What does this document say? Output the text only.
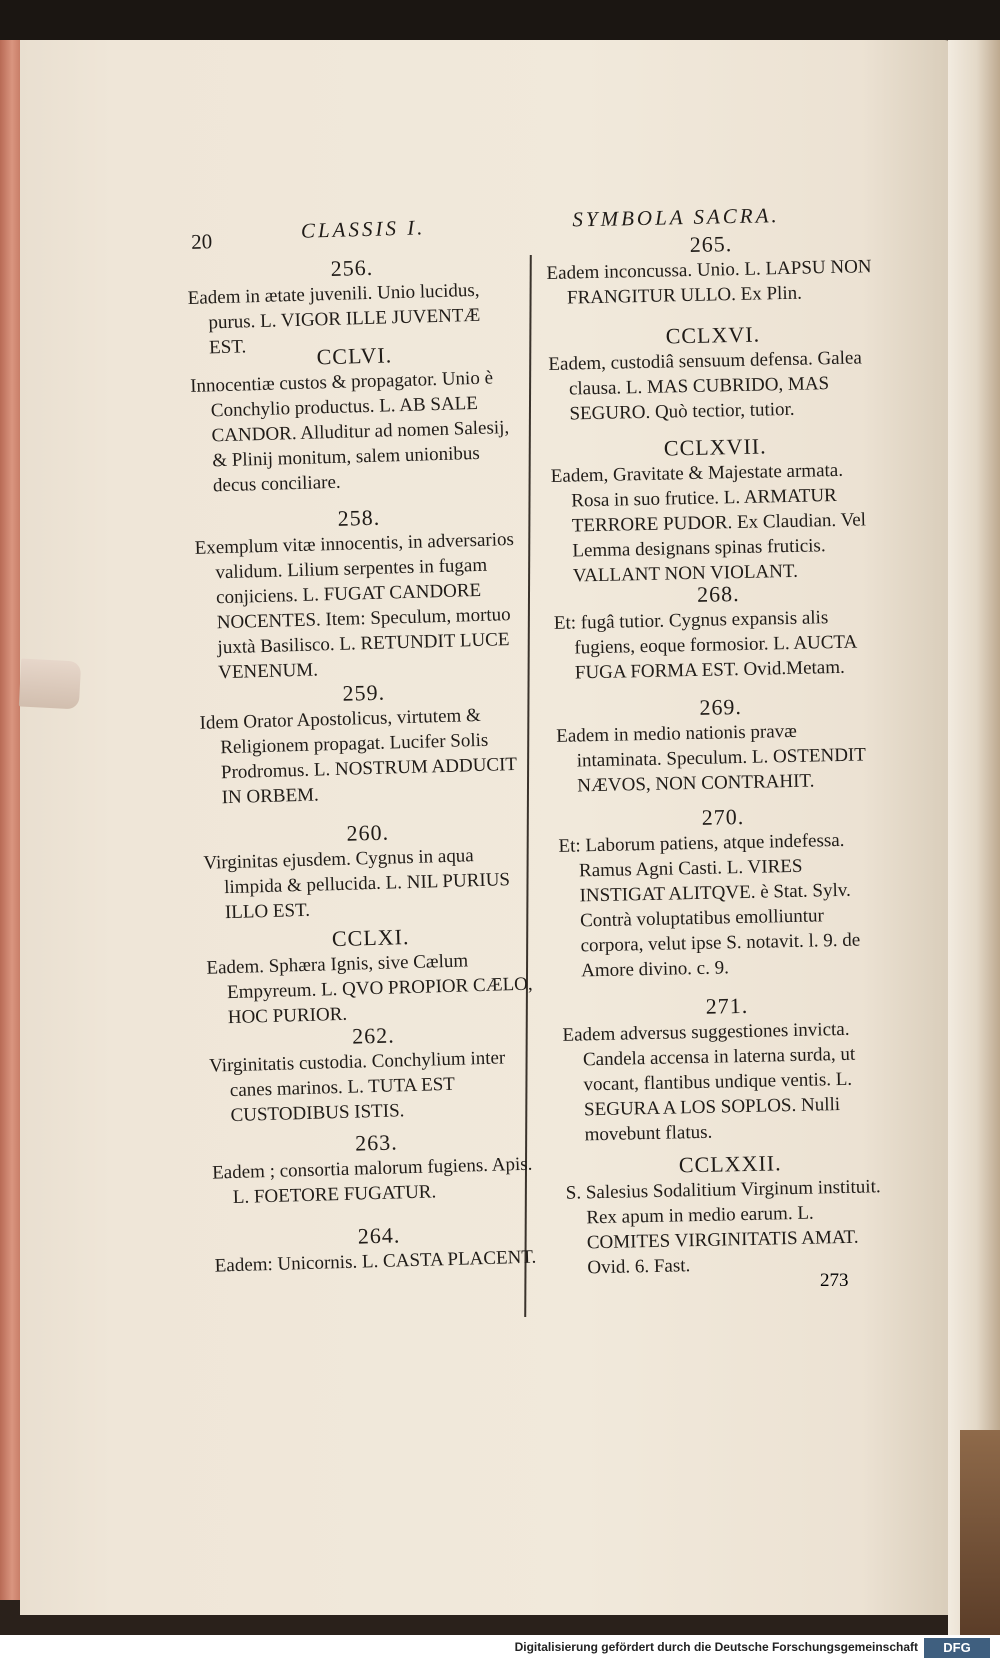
20	CLASSIS I.
256.
Eadem in ætate juvenili. Unio lucidus, purus. L. VIGOR ILLE JUVENTÆ EST.	CCLVI.
Innocentiæ custos & propagator. Unio è Conchylio productus. L. AB SALE CANDOR. Alluditur ad nomen Salesij, & Plinij monitum, salem unionibus decus conciliare.
258.
Exemplum vitæ innocentis, in adversarios validum. Lilium serpentes in fugam conjiciens. L. FUGAT CANDORE NOCENTES. Item: Speculum, mortuo juxtà Basilisco. L. RETUNDIT LUCE VENENUM.
259.
Idem Orator Apostolicus, virtutem & Religionem propagat. Lucifer Solis Prodromus. L. NOSTRUM ADDUCIT IN ORBEM.
260.
Virginitas ejusdem. Cygnus in aqua limpida & pellucida. L. NIL PURIUS ILLO EST.
CCLXI.
Eadem. Sphæra Ignis, sive Cælum Empyreum. L. QVO PROPIOR CÆLO, HOC PURIOR.
262.
Virginitatis custodia. Conchylium inter canes marinos. L. TUTA EST CUSTODIBUS ISTIS.
263.
Eadem ; consortia malorum fugiens. Apis. L. FOETORE FUGATUR.
264.
Eadem: Unicornis. L. CASTA PLACENT.
SYMBOLA SACRA.
265.
Eadem inconcussa. Unio. L. LAPSU NON FRANGITUR ULLO. Ex Plin.
CCLXVI.
Eadem, custodiâ sensuum defensa. Galea clausa. L. MAS CUBRIDO, MAS SEGURO. Quò tectior, tutior.
CCLXVII.
Eadem, Gravitate & Majestate armata. Rosa in suo frutice. L. ARMATUR TERRORE PUDOR. Ex Claudian. Vel Lemma designans spinas fruticis. VALLANT NON VIOLANT.
268.
Et: fugâ tutior. Cygnus expansis alis fugiens, eoque formosior. L. AUCTA FUGA FORMA EST. Ovid.Metam.
269.
Eadem in medio nationis pravæ intaminata. Speculum. L. OSTENDIT NÆVOS, NON CONTRAHIT.
270.
Et: Laborum patiens, atque indefessa. Ramus Agni Casti. L. VIRES INSTIGAT ALITQVE. è Stat. Sylv. Contrà voluptatibus emolliuntur corpora, velut ipse S. notavit. l. 9. de Amore divino. c. 9.
271.
Eadem adversus suggestiones invicta. Candela accensa in laterna surda, ut vocant, flantibus undique ventis. L. SEGURA A LOS SOPLOS. Nulli movebunt flatus.
CCLXXII.
S. Salesius Sodalitium Virginum instituit. Rex apum in medio earum. L. COMITES VIRGINITATIS AMAT. Ovid. 6. Fast.
273
Digitalisierung gefördert durch die Deutsche Forschungsgemeinschaft	DFG
